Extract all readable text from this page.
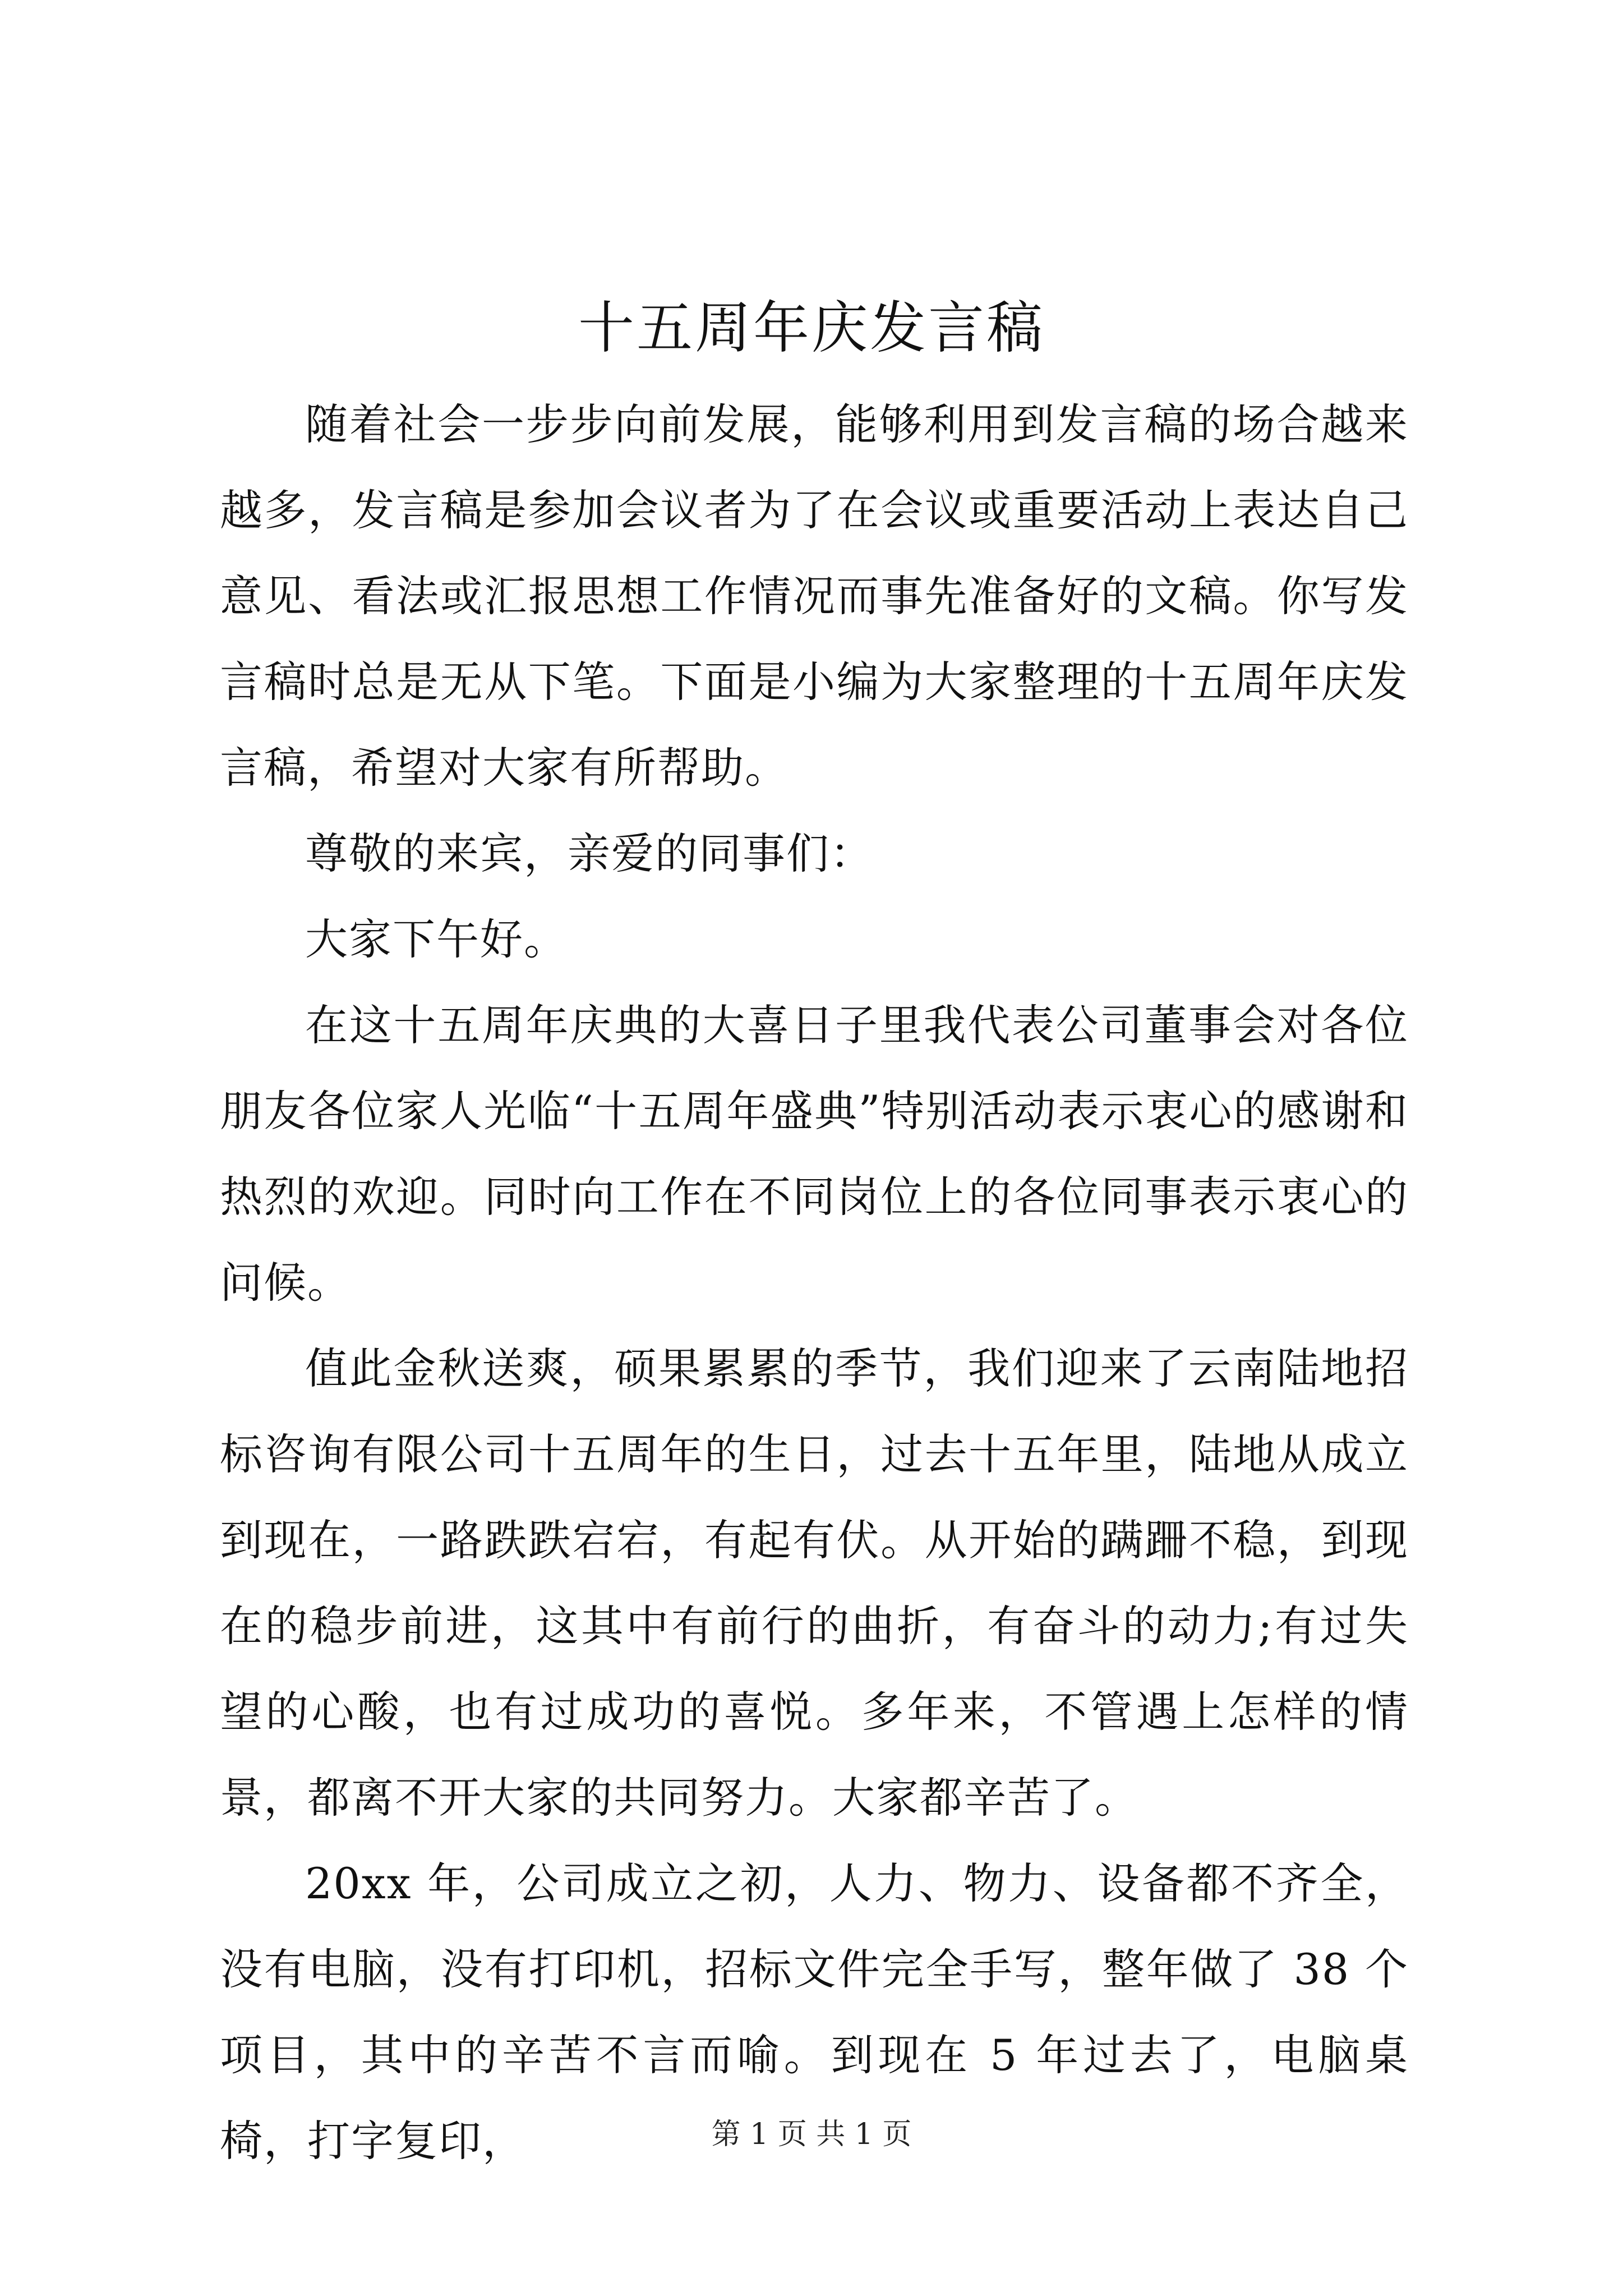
十五周年庆发言稿

随着社会一步步向前发展，能够利用到发言稿的场合越来越多，发言稿是参加会议者为了在会议或重要活动上表达自己意见、看法或汇报思想工作情况而事先准备好的文稿。你写发言稿时总是无从下笔。下面是小编为大家整理的十五周年庆发言稿，希望对大家有所帮助。

尊敬的来宾，亲爱的同事们：

大家下午好。

在这十五周年庆典的大喜日子里我代表公司董事会对各位朋友各位家人光临“十五周年盛典”特别活动表示衷心的感谢和热烈的欢迎。同时向工作在不同岗位上的各位同事表示衷心的问候。

值此金秋送爽，硕果累累的季节，我们迎来了云南陆地招标咨询有限公司十五周年的生日，过去十五年里，陆地从成立到现在，一路跌跌宕宕，有起有伏。从开始的蹒跚不稳，到现在的稳步前进，这其中有前行的曲折，有奋斗的动力;有过失望的心酸，也有过成功的喜悦。多年来，不管遇上怎样的情景，都离不开大家的共同努力。大家都辛苦了。

20xx 年，公司成立之初，人力、物力、设备都不齐全，没有电脑，没有打印机，招标文件完全手写，整年做了 38 个项目，其中的辛苦不言而喻。到现在 5 年过去了，电脑桌椅，打字复印，	第 1 页 共 1 页
